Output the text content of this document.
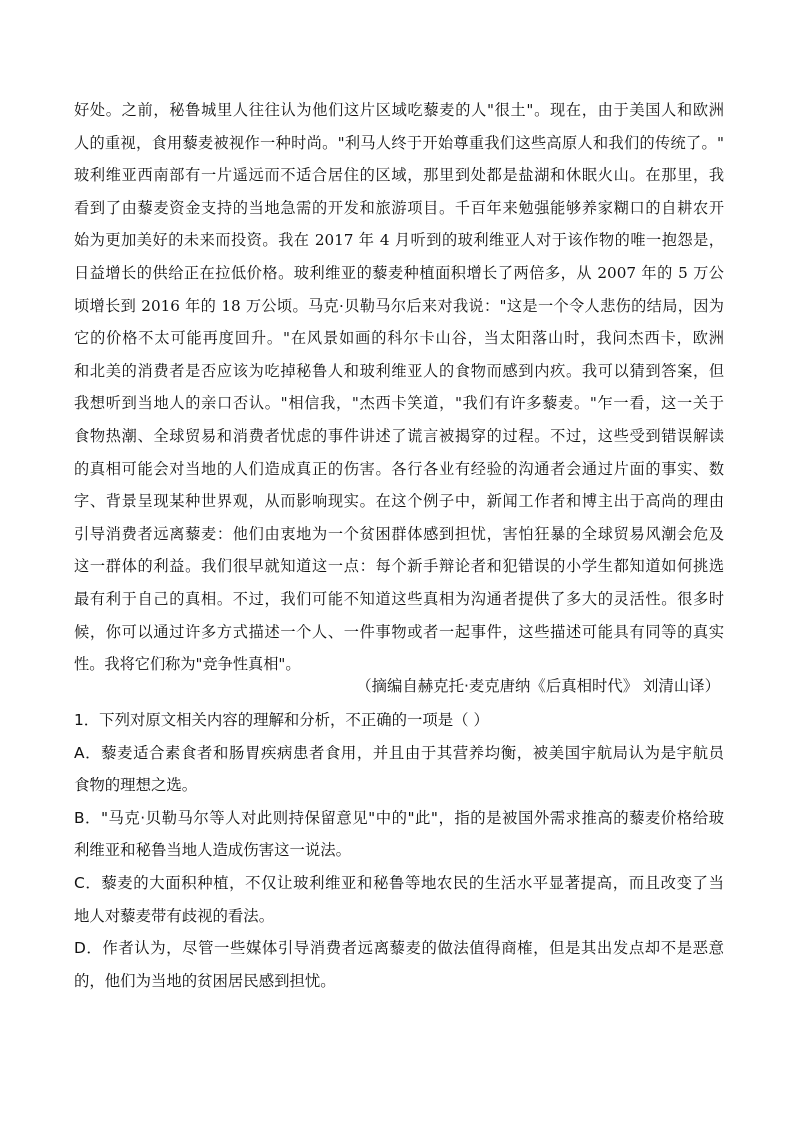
好处。之前，秘鲁城里人往往认为他们这片区域吃藜麦的人"很土"。现在，由于美国人和欧洲
人的重视，食用藜麦被视作一种时尚。"利马人终于开始尊重我们这些高原人和我们的传统了。"
玻利维亚西南部有一片遥远而不适合居住的区域，那里到处都是盐湖和休眠火山。在那里，我
看到了由藜麦资金支持的当地急需的开发和旅游项目。千百年来勉强能够养家糊口的自耕农开
始为更加美好的未来而投资。我在 2017 年 4 月听到的玻利维亚人对于该作物的唯一抱怨是，
日益增长的供给正在拉低价格。玻利维亚的藜麦种植面积增长了两倍多，从 2007 年的 5 万公
顷增长到 2016 年的 18 万公顷。马克·贝勒马尔后来对我说："这是一个令人悲伤的结局，因为
它的价格不太可能再度回升。"在风景如画的科尔卡山谷，当太阳落山时，我问杰西卡，欧洲
和北美的消费者是否应该为吃掉秘鲁人和玻利维亚人的食物而感到内疚。我可以猜到答案，但
我想听到当地人的亲口否认。"相信我，"杰西卡笑道，"我们有许多藜麦。"乍一看，这一关于
食物热潮、全球贸易和消费者忧虑的事件讲述了谎言被揭穿的过程。不过，这些受到错误解读
的真相可能会对当地的人们造成真正的伤害。各行各业有经验的沟通者会通过片面的事实、数
字、背景呈现某种世界观，从而影响现实。在这个例子中，新闻工作者和博主出于高尚的理由
引导消费者远离藜麦：他们由衷地为一个贫困群体感到担忧，害怕狂暴的全球贸易风潮会危及
这一群体的利益。我们很早就知道这一点：每个新手辩论者和犯错误的小学生都知道如何挑选
最有利于自己的真相。不过，我们可能不知道这些真相为沟通者提供了多大的灵活性。很多时
候，你可以通过许多方式描述一个人、一件事物或者一起事件，这些描述可能具有同等的真实
性。我将它们称为"竞争性真相"。
（摘编自赫克托·麦克唐纳《后真相时代》 刘清山译）
1．下列对原文相关内容的理解和分析，不正确的一项是（ ）
A．藜麦适合素食者和肠胃疾病患者食用，并且由于其营养均衡，被美国宇航局认为是宇航员
食物的理想之选。
B．"马克·贝勒马尔等人对此则持保留意见"中的"此"，指的是被国外需求推高的藜麦价格给玻
利维亚和秘鲁当地人造成伤害这一说法。
C．藜麦的大面积种植，不仅让玻利维亚和秘鲁等地农民的生活水平显著提高，而且改变了当
地人对藜麦带有歧视的看法。
D．作者认为，尽管一些媒体引导消费者远离藜麦的做法值得商榷，但是其出发点却不是恶意
的，他们为当地的贫困居民感到担忧。
